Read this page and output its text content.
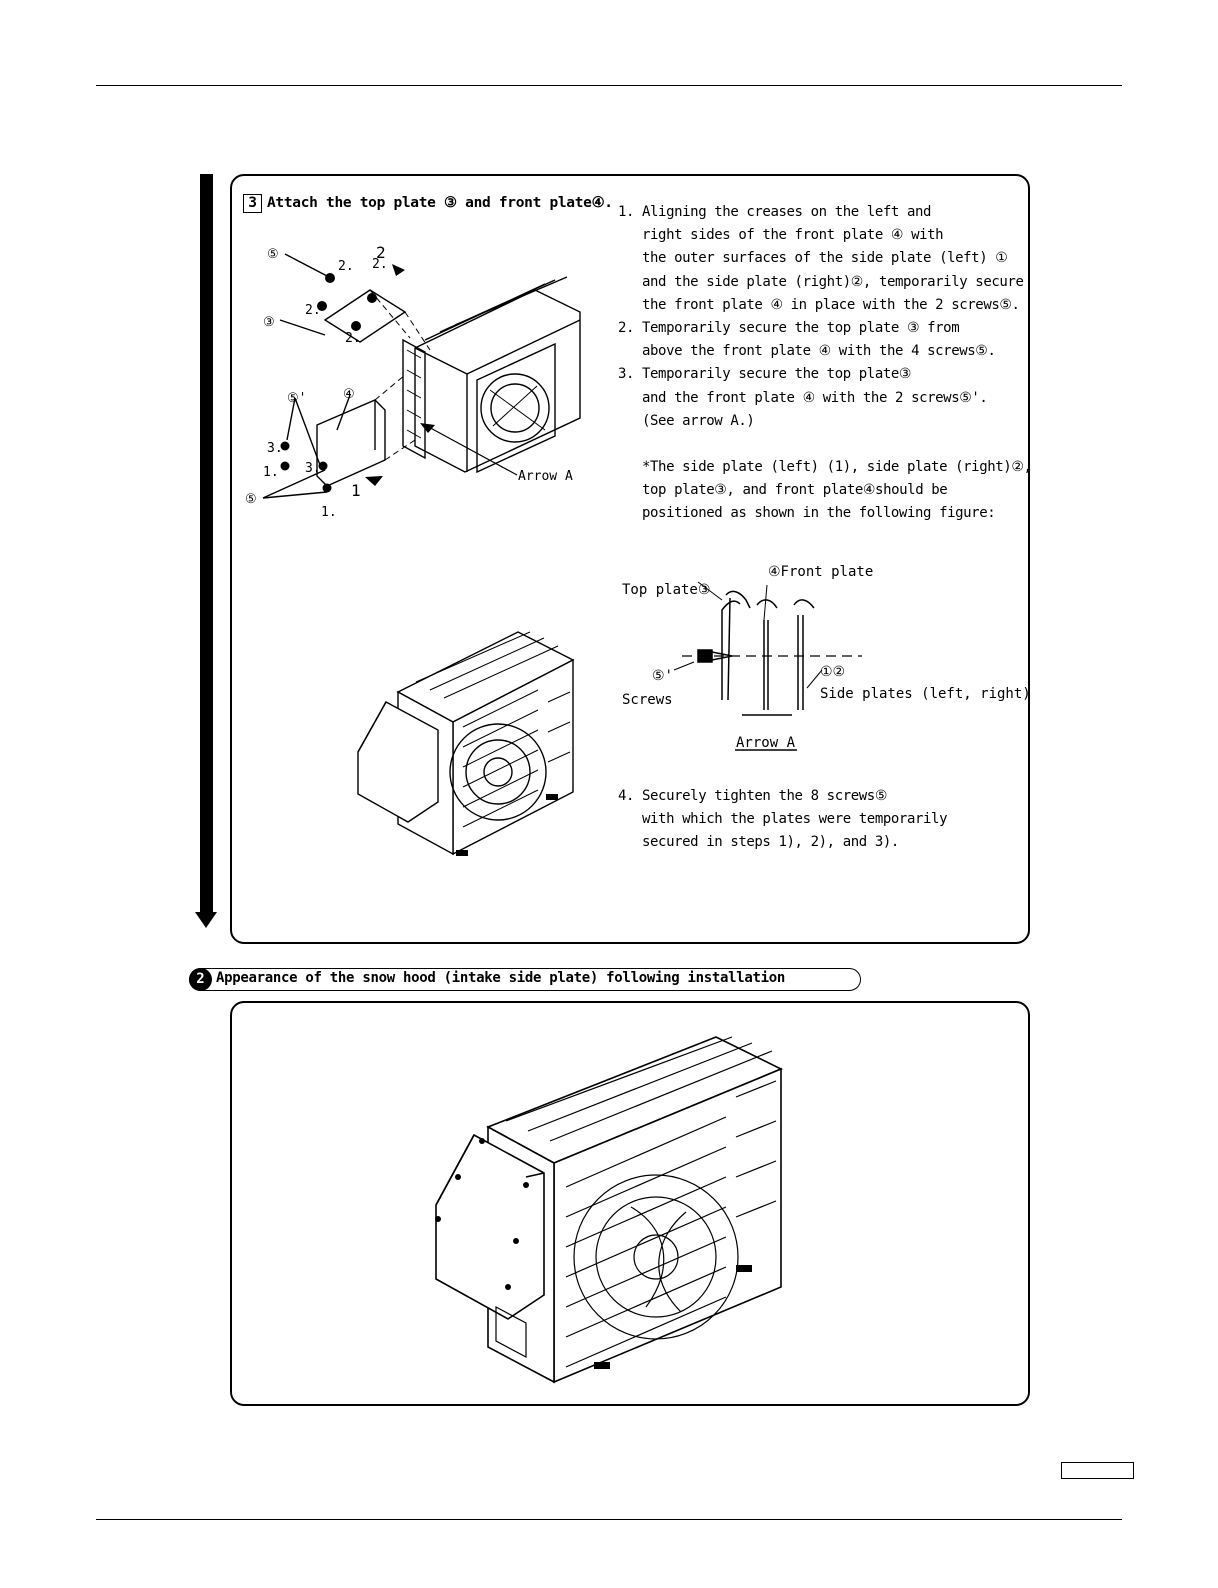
3 Attach the top plate ③ and front plate④.
1. Aligning the creases on the left and
right sides of the front plate ④ with
the outer surfaces of the side plate (left) ①
and the side plate (right)②, temporarily secure
the front plate ④ in place with the 2 screws⑤.
2. Temporarily secure the top plate ③ from
above the front plate ④ with the 4 screws⑤.
3. Temporarily secure the top plate③
and the front plate ④ with the 2 screws⑤'.
(See arrow A.)
*The side plate (left) (1), side plate (right)②,
top plate③, and front plate④should be
positioned as shown in the following figure:
4. Securely tighten the 8 screws⑤
with which the plates were temporarily
secured in steps 1), 2), and 3).
⑤
③
⑤'	④
⑤
2. 2.
2.
2.
2
3.
3.
1.
1.
1
Arrow A
④Front plate
Top plate③
⑤'
Screws
①②
Side plates (left, right)
Arrow A
2 Appearance of the snow hood (intake side plate) following installation
